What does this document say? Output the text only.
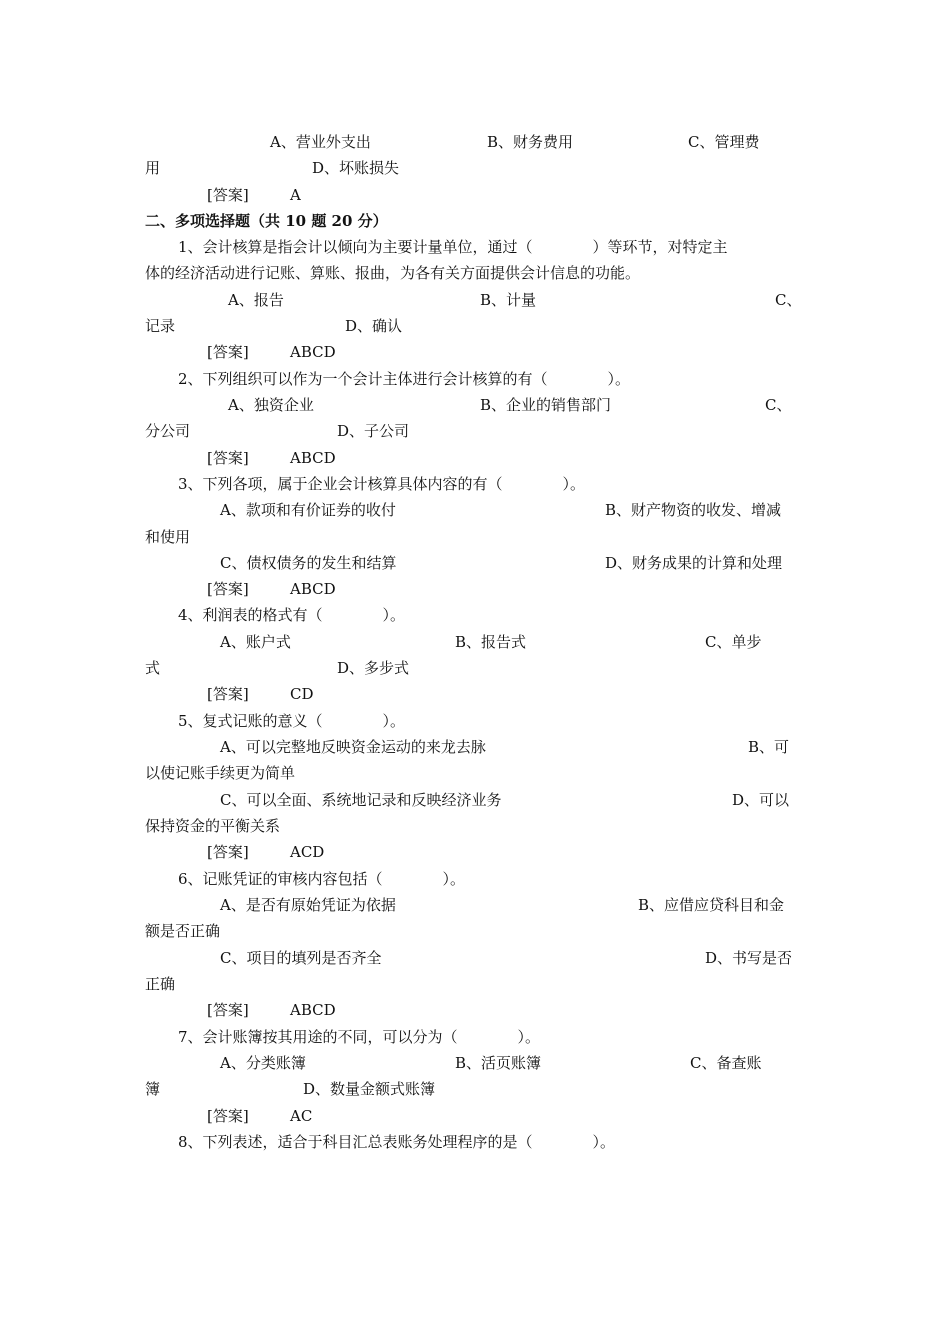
A、营业外支出	B、财务费用	C、管理费
用	D、坏账损失
[答案]	A
二、多项选择题（共 10 题 20 分）
1、会计核算是指会计以倾向为主要计量单位，通过（　　　　）等环节，对特定主
体的经济活动进行记账、算账、报曲，为各有关方面提供会计信息的功能。
A、报告	B、计量	C、
记录	D、确认
[答案]	ABCD
2、下列组织可以作为一个会计主体进行会计核算的有（　　　　）。
A、独资企业	B、企业的销售部门	C、
分公司	D、子公司
[答案]	ABCD
3、下列各项，属于企业会计核算具体内容的有（　　　　）。
A、款项和有价证券的收付	B、财产物资的收发、增减
和使用
C、债权债务的发生和结算	D、财务成果的计算和处理
[答案]	ABCD
4、利润表的格式有（　　　　）。
A、账户式	B、报告式	C、单步
式	D、多步式
[答案]	CD
5、复式记账的意义（　　　　）。
A、可以完整地反映资金运动的来龙去脉	B、可
以使记账手续更为简单
C、可以全面、系统地记录和反映经济业务	D、可以
保持资金的平衡关系
[答案]	ACD
6、记账凭证的审核内容包括（　　　　）。
A、是否有原始凭证为依据	B、应借应贷科目和金
额是否正确
C、项目的填列是否齐全	D、书写是否
正确
[答案]	ABCD
7、会计账簿按其用途的不同，可以分为（　　　　）。
A、分类账簿	B、活页账簿	C、备查账
簿	D、数量金额式账簿
[答案]	AC
8、下列表述，适合于科目汇总表账务处理程序的是（　　　　）。
